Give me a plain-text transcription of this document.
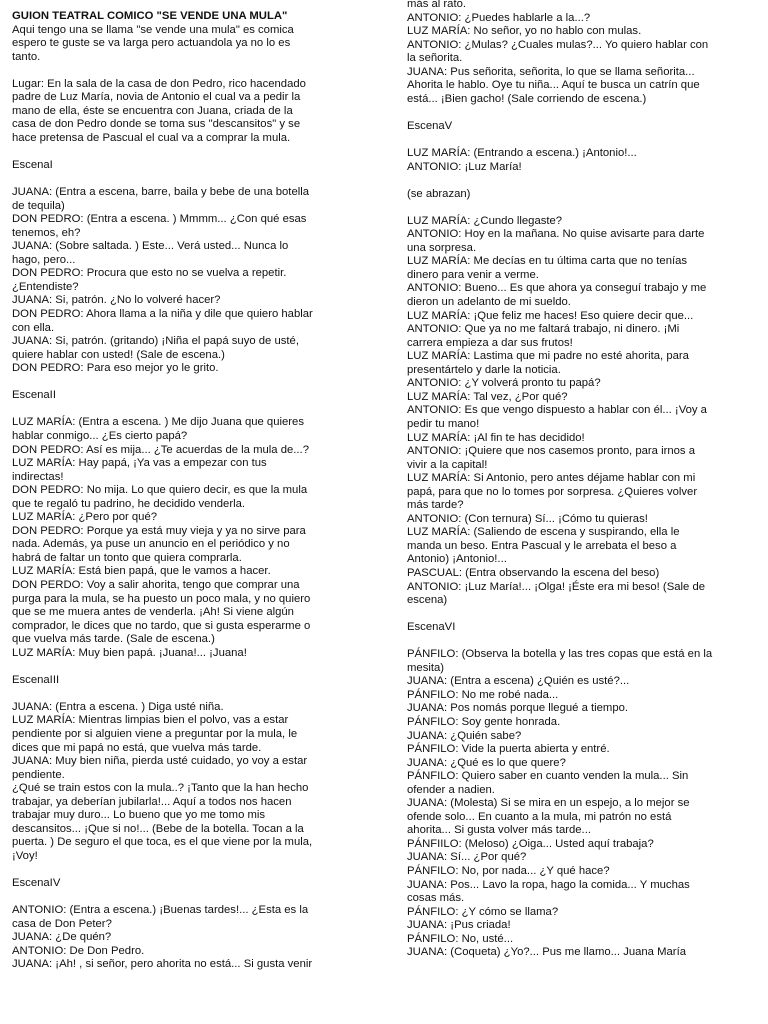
GUION TEATRAL COMICO "SE VENDE UNA MULA"
Aqui tengo una se llama "se vende una mula" es comica
espero te guste se va larga pero actuandola ya no lo es
tanto.

Lugar: En la sala de la casa de don Pedro, rico hacendado
padre de Luz María, novia de Antonio el cual va a pedir la
mano de ella, éste se encuentra con Juana, criada de la
casa de don Pedro donde se toma sus "descansitos" y se
hace pretensa de Pascual el cual va a comprar la mula.

EscenaI

JUANA: (Entra a escena, barre, baila y bebe de una botella
de tequila)
DON PEDRO: (Entra a escena. ) Mmmm... ¿Con qué esas
tenemos, eh?
JUANA: (Sobre saltada. ) Este... Verá usted... Nunca lo
hago, pero...
DON PEDRO: Procura que esto no se vuelva a repetir.
¿Entendiste?
JUANA: Si, patrón. ¿No lo volveré hacer?
DON PEDRO: Ahora llama a la niña y dile que quiero hablar
con ella.
JUANA: Si, patrón. (gritando) ¡Niña el papá suyo de usté,
quiere hablar con usted! (Sale de escena.)
DON PEDRO: Para eso mejor yo le grito.

EscenaII

LUZ MARÍA: (Entra a escena. ) Me dijo Juana que quieres
hablar conmigo... ¿Es cierto papá?
DON PEDRO: Así es mija... ¿Te acuerdas de la mula de...?
LUZ MARÍA: Hay papá, ¡Ya vas a empezar con tus
indirectas!
DON PEDRO: No mija. Lo que quiero decir, es que la mula
que te regaló tu padrino, he decidido venderla.
LUZ MARÍA: ¿Pero por qué?
DON PEDRO: Porque ya está muy vieja y ya no sirve para
nada. Además, ya puse un anuncio en el periódico y no
habrá de faltar un tonto que quiera comprarla.
LUZ MARÍA: Está bien papá, que le vamos a hacer.
DON PERDO: Voy a salir ahorita, tengo que comprar una
purga para la mula, se ha puesto un poco mala, y no quiero
que se me muera antes de venderla. ¡Ah! Si viene algún
comprador, le dices que no tardo, que si gusta esperarme o
que vuelva más tarde. (Sale de escena.)
LUZ MARÍA: Muy bien papá. ¡Juana!... ¡Juana!

EscenaIII

JUANA: (Entra a escena. ) Diga usté niña.
LUZ MARÍA: Mientras limpias bien el polvo, vas a estar
pendiente por si alguien viene a preguntar por la mula, le
dices que mi papá no está, que vuelva más tarde.
JUANA: Muy bien niña, pierda usté cuidado, yo voy a estar
pendiente.
¿Qué se train estos con la mula..? ¡Tanto que la han hecho
trabajar, ya deberían jubilarla!... Aquí a todos nos hacen
trabajar muy duro... Lo bueno que yo me tomo mis
descansitos... ¡Que si no!... (Bebe de la botella. Tocan a la
puerta. ) De seguro el que toca, es el que viene por la mula,
¡Voy!

EscenaIV

ANTONIO: (Entra a escena.) ¡Buenas tardes!... ¿Esta es la
casa de Don Peter?
JUANA: ¿De quén?
ANTONIO: De Don Pedro.
JUANA: ¡Ah! , si señor, pero ahorita no está... Si gusta venir
más al rato.
ANTONIO: ¿Puedes hablarle a la...?
LUZ MARÍA: No señor, yo no hablo con mulas.
ANTONIO: ¿Mulas? ¿Cuales mulas?... Yo quiero hablar con
la señorita.
JUANA: Pus señorita, señorita, lo que se llama señorita...
Ahorita le hablo. Oye tu niña... Aquí te busca un catrín que
está... ¡Bien gacho! (Sale corriendo de escena.)

EscenaV

LUZ MARÍA: (Entrando a escena.) ¡Antonio!...
ANTONIO: ¡Luz María!

(se abrazan)

LUZ MARÍA: ¿Cundo llegaste?
ANTONIO: Hoy en la mañana. No quise avisarte para darte
una sorpresa.
LUZ MARÍA: Me decías en tu última carta que no tenías
dinero para venir a verme.
ANTONIO: Bueno... Es que ahora ya conseguí trabajo y me
dieron un adelanto de mi sueldo.
LUZ MARÍA: ¡Que feliz me haces! Eso quiere decir que...
ANTONIO: Que ya no me faltará trabajo, ni dinero. ¡Mi
carrera empieza a dar sus frutos!
LUZ MARÍA: Lastima que mi padre no esté ahorita, para
presentártelo y darle la noticia.
ANTONIO: ¿Y volverá pronto tu papá?
LUZ MARÍA: Tal vez, ¿Por qué?
ANTONIO: Es que vengo dispuesto a hablar con él... ¡Voy a
pedir tu mano!
LUZ MARÍA: ¡Al fin te has decidido!
ANTONIO: ¡Quiere que nos casemos pronto, para irnos a
vivir a la capital!
LUZ MARÍA: Si Antonio, pero antes déjame hablar con mi
papá, para que no lo tomes por sorpresa. ¿Quieres volver
más tarde?
ANTONIO: (Con ternura) Sí... ¡Cómo tu quieras!
LUZ MARÍA: (Saliendo de escena y suspirando, ella le
manda un beso. Entra Pascual y le arrebata el beso a
Antonio) ¡Antonio!...
PASCUAL: (Entra observando la escena del beso)
ANTONIO: ¡Luz María!... ¡Olga! ¡Éste era mi beso! (Sale de
escena)

EscenaVI

PÁNFILO: (Observa la botella y las tres copas que está en la
mesita)
JUANA: (Entra a escena) ¿Quién es usté?...
PÁNFILO: No me robé nada...
JUANA: Pos nomás porque llegué a tiempo.
PÁNFILO: Soy gente honrada.
JUANA: ¿Quién sabe?
PÁNFILO: Vide la puerta abierta y entré.
JUANA: ¿Qué es lo que quere?
PÁNFILO: Quiero saber en cuanto venden la mula... Sin
ofender a nadien.
JUANA: (Molesta) Si se mira en un espejo, a lo mejor se
ofende solo... En cuanto a la mula, mi patrón no está
ahorita... Si gusta volver más tarde...
PÁNFIILO: (Meloso) ¿Oiga... Usted aquí trabaja?
JUANA: Sí... ¿Por qué?
PÁNFILO: No, por nada... ¿Y qué hace?
JUANA: Pos... Lavo la ropa, hago la comida... Y muchas
cosas más.
PÁNFILO: ¿Y cómo se llama?
JUANA: ¡Pus criada!
PÁNFILO: No, usté...
JUANA: (Coqueta) ¿Yo?... Pus me llamo... Juana María
